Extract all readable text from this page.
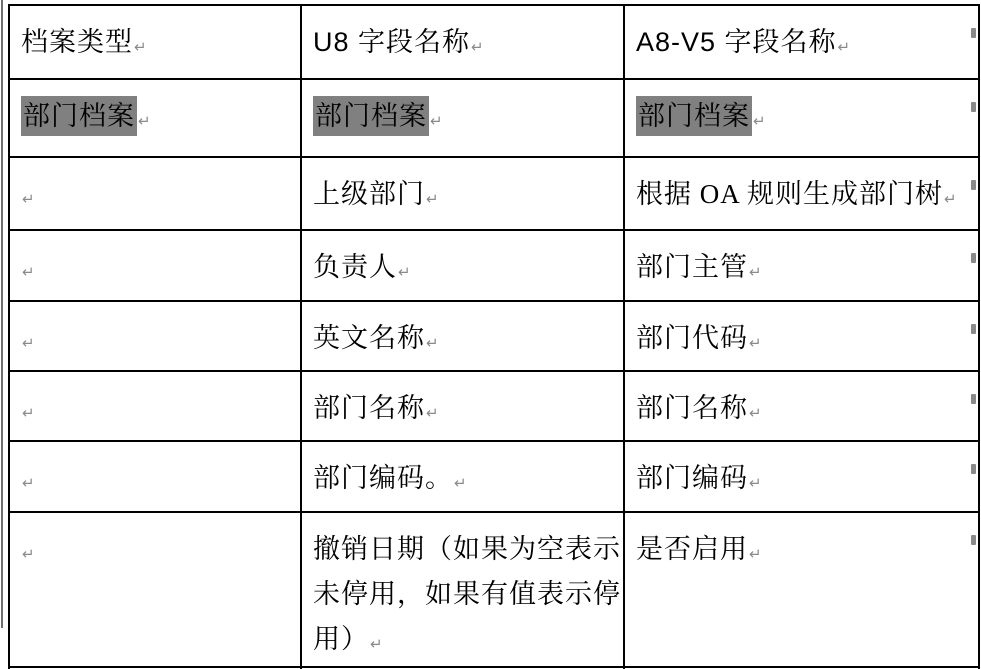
档案类型↵	U8 字段名称↵	A8-V5 字段名称↵

部门档案 ↵	部门档案 ↵	部门档案 ↵

↵	上级部门↵	根据 OA 规则生成部门树↵

↵	负责人↵	部门主管↵

↵	英文名称↵	部门代码↵

↵	部门名称↵	部门名称↵

↵	部门编码。↵	部门编码↵

↵	撤销日期（如果为空表示未停用，如果有值表示停用）↵	是否启用↵
